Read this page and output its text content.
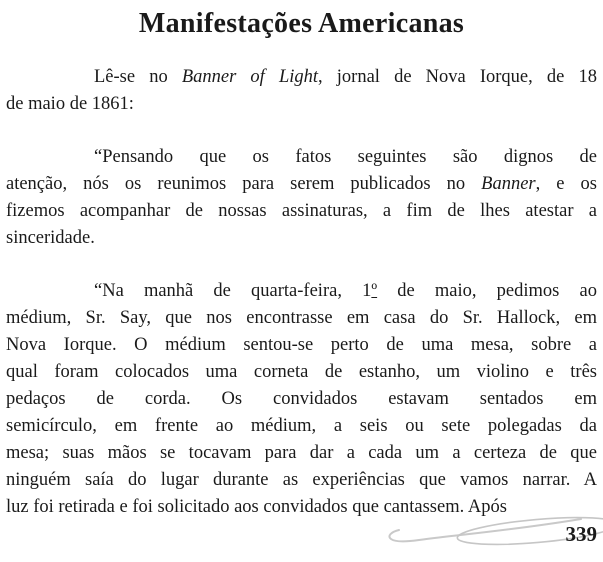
Manifestações Americanas
Lê-se no Banner of Light, jornal de Nova Iorque, de 18
de maio de 1861:
“Pensando que os fatos seguintes são dignos de
atenção, nós os reunimos para serem publicados no Banner, e os
fizemos acompanhar de nossas assinaturas, a fim de lhes atestar a
sinceridade.
“Na manhã de quarta-feira, 1º de maio, pedimos ao
médium, Sr. Say, que nos encontrasse em casa do Sr. Hallock, em
Nova Iorque. O médium sentou-se perto de uma mesa, sobre a
qual foram colocados uma corneta de estanho, um violino e três
pedaços de corda. Os convidados estavam sentados em
semicírculo, em frente ao médium, a seis ou sete polegadas da
mesa; suas mãos se tocavam para dar a cada um a certeza de que
ninguém saía do lugar durante as experiências que vamos narrar. A
luz foi retirada e foi solicitado aos convidados que cantassem. Após
339
